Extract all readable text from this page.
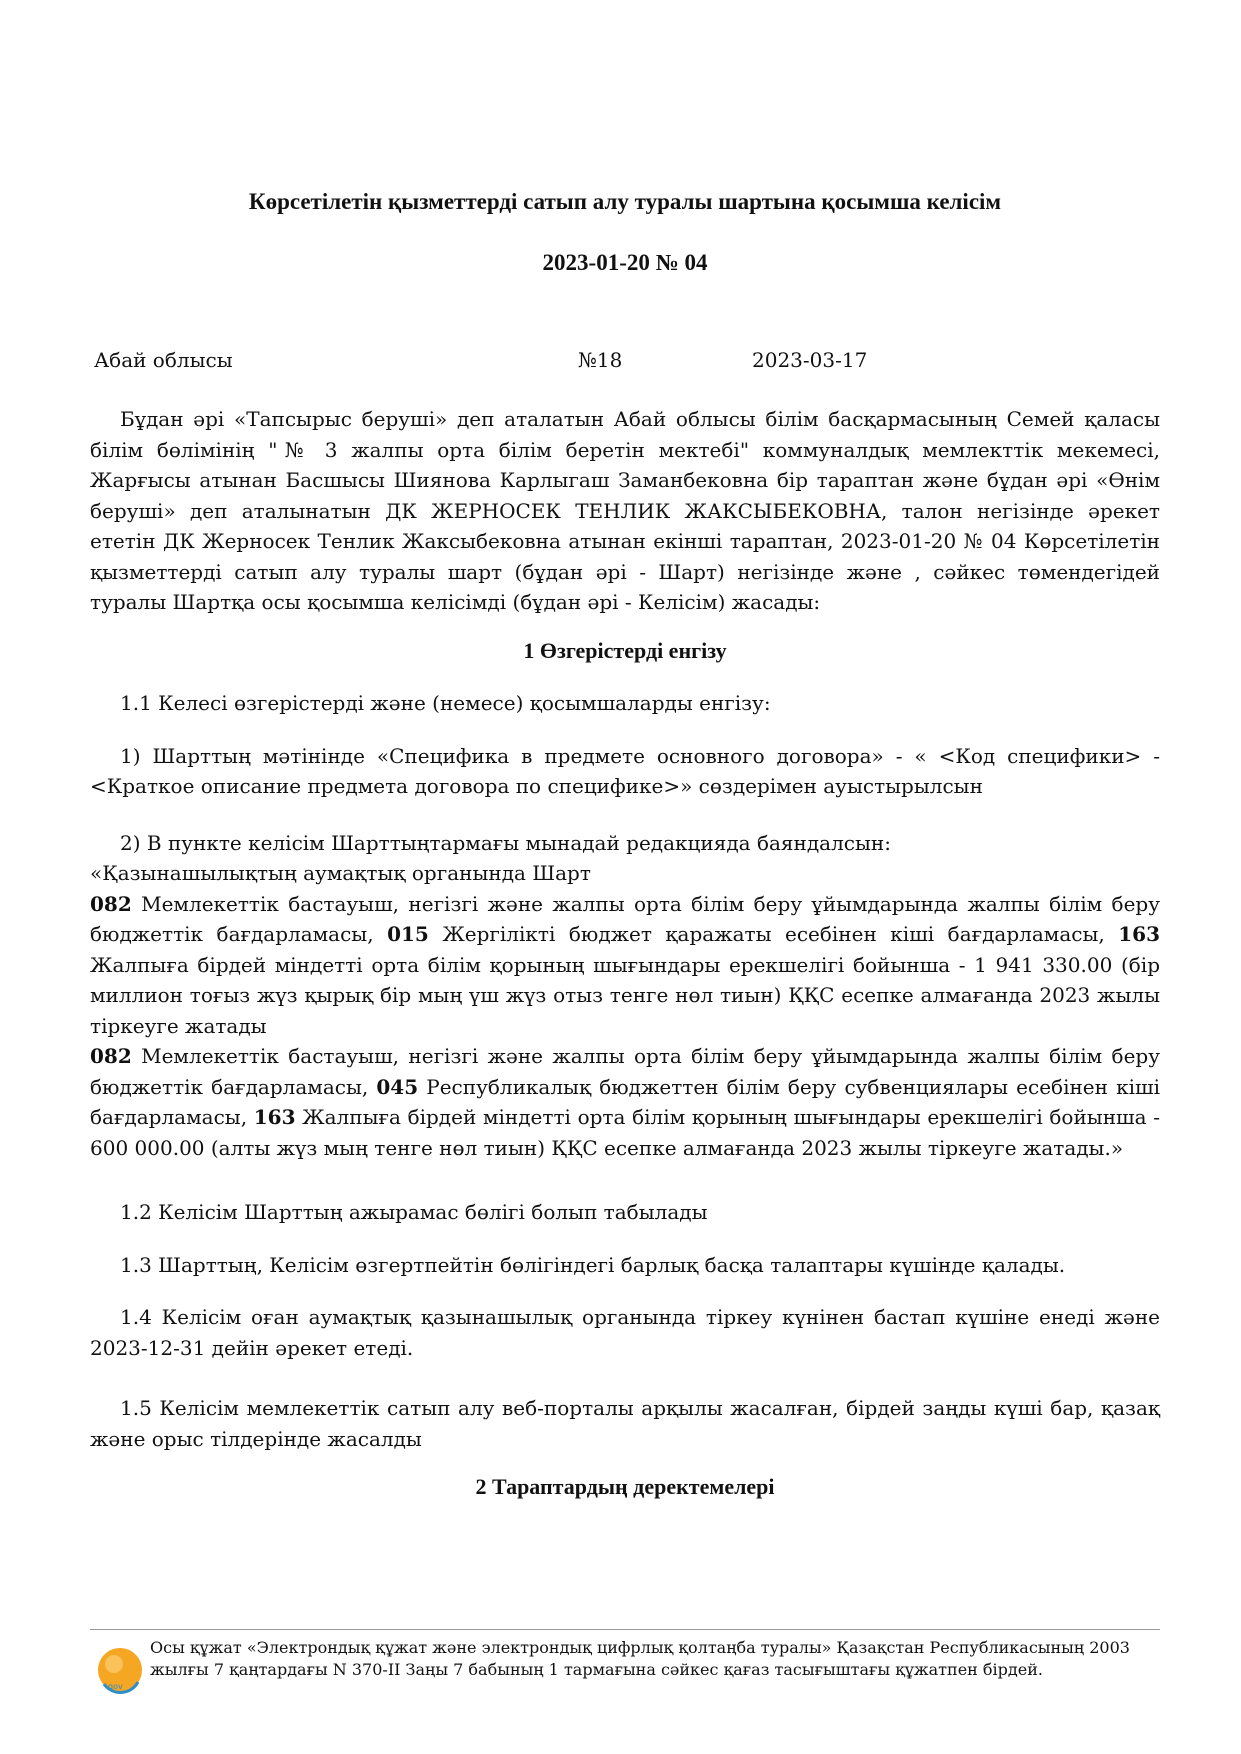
Көрсетілетін қызметтерді сатып алу туралы шартына қосымша келісім
2023-01-20 № 04
Абай облысы	№18	2023-03-17

Бұдан әрі «Тапсырыс беруші» деп аталатын Абай облысы білім басқармасының Семей қаласы білім бөлімінің "№ 3 жалпы орта білім беретін мектебі" коммуналдық мемлекттік мекемесі, Жарғысы атынан Басшысы Шиянова Карлыгаш Заманбековна бір тараптан және бұдан әрі «Өнім беруші» деп аталынатын ДК ЖЕРНОСЕК ТЕНЛИК ЖАКСЫБЕКОВНА, талон негізінде әрекет ететін ДК Жерносек Тенлик Жаксыбековна атынан екінші тараптан, 2023-01-20 № 04 Көрсетілетін қызметтерді сатып алу туралы шарт (бұдан әрі - Шарт) негізінде және , сәйкес төмендегідей туралы Шартқа осы қосымша келісімді (бұдан әрі - Келісім) жасады:

1 Өзгерістерді енгізу

1.1 Келесі өзгерістерді және (немесе) қосымшаларды енгізу:

1) Шарттың мәтінінде «Спецификa в предмете основного договора» - « <Код специфики> - <Краткое описание предмета договора по специфике>» сөздерімен ауыстырылсын

2) В пункте келісім Шарттыңтармағы мынадай редакцияда баяндалсын:

«Қазынашылықтың аумақтық органында Шарт

082 Мемлекеттік бастауыш, негізгі және жалпы орта білім беру ұйымдарында жалпы білім беру бюджеттік бағдарламасы, 015 Жергілікті бюджет қаражаты есебінен кіші бағдарламасы, 163 Жалпыға бірдей міндетті орта білім қорының шығындары ерекшелігі бойынша - 1 941 330.00 (бір миллион тоғыз жүз қырық бір мың үш жүз отыз тенге нөл тиын) ҚҚС есепке алмағанда 2023 жылы тіркеуге жатады

082 Мемлекеттік бастауыш, негізгі және жалпы орта білім беру ұйымдарында жалпы білім беру бюджеттік бағдарламасы, 045 Республикалық бюджеттен білім беру субвенциялары есебінен кіші бағдарламасы, 163 Жалпыға бірдей міндетті орта білім қорының шығындары ерекшелігі бойынша - 600 000.00 (алты жүз мың тенге нөл тиын) ҚҚС есепке алмағанда 2023 жылы тіркеуге жатады.»

1.2 Келісім Шарттың ажырамас бөлігі болып табылады

1.3 Шарттың, Келісім өзгертпейтін бөлігіндегі барлық басқа талаптары күшінде қалады.

1.4 Келісім оған аумақтық қазынашылық органында тіркеу күнінен бастап күшіне енеді және 2023-12-31 дейін әрекет етеді.

1.5 Келісім мемлекеттік сатып алу веб-порталы арқылы жасалған, бірдей заңды күші бар, қазақ және орыс тілдерінде жасалды

2 Тараптардың деректемелері

gov
Осы құжат «Электрондық құжат және электрондық цифрлық қолтаңба туралы» Қазақстан Республикасының 2003 жылғы 7 қаңтардағы N 370-II Заңы 7 бабының 1 тармағына сәйкес қағаз тасығыштағы құжатпен бірдей.
